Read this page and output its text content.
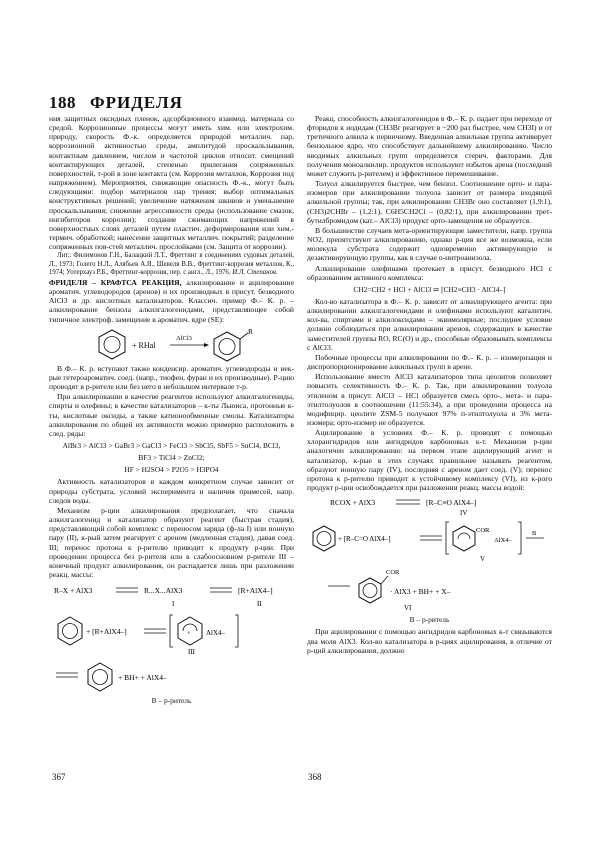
188 ФРИДЕЛЯ

ния защитных оксидных пленок, адсорбционного взаимод. материала со средой. Коррозионные процессы могут иметь хим. или электрохим. природу, скорость Ф.-к. определяется природой металлич. пар, коррозионной активностью среды, амплитудой проскальзывания, контактным давлением, числом и частотой циклов относит. смещений контактирующих деталей, степенью прилегания сопряженных поверхностей, т-рой в зоне контакта (см. Коррозия металлов, Коррозия под напряжением). Мероприятия, снижающие опасность Ф.-к., могут быть следующими: подбор материалов пар трения; выбор оптимальных конструктивных решений; увеличение натяжения шкивов и уменьшение проскальзывания; снижение агрессивности среды (использование смазок, ингибиторов коррозии); создание сжимающих напряжений в поверхностных слоях деталей путем пластич. деформирования или хим.-термич. обработкой; нанесение защитных металлич. покрытий; разделение сопряженных пов-стей металлич. прослойками (см. Защита от коррозии).

Лит.: Филимонов Г.Н., Балацкий Л.Т., Фреттинг в соединениях судовых деталей, Л., 1973; Голего Н.Л., Алябьев А.Я., Шевеля В.В., Фреттинг-коррозия металлов, К., 1974; Уотерхауз Р.Б., Фреттинг-коррозия, пер. с англ., Л., 1976. И.Л. Степанов.

ФРИДЕЛЯ – КРАФТСА РЕАКЦИЯ, алкилирование и ацилирование ароматич. углеводородов (аренов) и их производных в присут. безводного AlCl3 и др. кислотных катализаторов. Классич. пример Ф.– К. р. – алкилирование бензола алкилгалогенидами, представляющее собой типичное электроф. замещение в ароматич. ядре (SE):

+ RHal
AlCl3
R

В Ф.– К. р. вступают также конденсир. ароматич. углеводороды и нек-рые гетероароматич. соед. (напр., тиофен, фуран и их производные). Р-цию проводят в р-рителе или без него в небольшом интервале т-р.

При алкилировании в качестве реагентов используют алкилгалогениды, спирты и олефины; в качестве катализаторов – к-ты Льюиса, протонные к-ты, кислотные оксиды, а также катионообменные смолы. Катализаторы алкилирования по общей их активности можно примерно расположить в след. ряды:

AlBr3 > AlCl3 > GaBr3 > GaCl3 > FeCl3 > SbCl5, SbF5 > SnCl4, BCl3,
BF3 > TiCl4 > ZnCl2;
HF > H2SO4 > P2O5 > H3PO4

Активность катализаторов в каждом конкретном случае зависит от природы субстрата, условий эксперимента и наличия примесей, напр. следов воды.

Механизм р-ции алкилирования предполагает, что сначала алкилгалогенид и катализатор образуют реагент (быстрая стадия), представляющий собой комплекс с переносом заряда (ф-ла I) или ионную пару (II), к-рый затем реагирует с ареном (медленная стадия), давая соед. III; перенос протона к р-рителю приводит к продукту р-ции. При проведении процесса без р-рителя или в слабоосновном р-рителе III – конечный продукт алкилирования, он распадается лишь при разложении реакц. массы:

R–X + AlX3	R...X...AlX3	[R+AlX4–]
I	II
+ [R+AlX4–]	+ AlX4–
III
+ BH+ + AlX4–
В – р-ритель

Реакц. способность алкилгалогенидов в Ф.– К. р. падает при переходе от фторидов к иодидам (CH3Br реагирует в ~200 раз быстрее, чем CH3I) и от третичного алкила к первичному. Введенная алкильная группа активирует бензольное ядро, что способствует дальнейшему алкилированию. Число вводимых алкильных групп определяется стерич. факторами. Для получения моноалкилир. продуктов используют избыток арена (последний может служить р-рителем) и эффективное перемешивание.

Толуол алкилируется быстрее, чем бензол. Соотношение орто- и пара-изомеров при алкилировании толуола зависит от размера входящей алкильной группы; так, при алкилировании CH3Br оно составляет (1,9:1), (CH3)2CHBr – (1,2:1), C6H5CH2Cl – (0,82:1), при алкилировании трет-бутилбромидом (кат.– AlCl3) продукт орто-замещения не образуется.

В большинстве случаев мета-ориентирующие заместители, напр. группа NO2, препятствуют алкилированию, однако р-ция все же возможна, если молекула субстрата содержит одновременно активирующую и дезактивирующую группы, как в случае о-нитроанизола.

Алкилирование олефинами протекает в присут. безводного HCl с образованием активного комплекса:

CH2=CH2 + HCl + AlCl3 ⇌ [CH2≡CH3 · AlCl4–]

Кол-во катализатора в Ф.– К. р. зависит от алкилирующего агента: при алкилировании алкилгалогенидами и олефинами используют каталитич. кол-ва, спиртами и алкилоксидами – эквимолярные; последнее условие должно соблюдаться при алкилировании аренов, содержащих в качестве заместителей группы RO, RC(O) и др., способные образовывать комплексы с AlCl3.

Побочные процессы при алкилировании по Ф.– К. р. – изомеризация и диспропорционирование алкильных групп в арене.

Использование вместо AlCl3 катализаторов типа цеолитов позволяет повысить селективность Ф.– К. р. Так, при алкилировании толуола этиленом в присут. AlCl3 – HCl образуется смесь орто-, мета- и пара-этилтолуолов в соотношении (11:55:34), а при проведении процесса на модифицир. цеолите ZSM-5 получают 97% п-этилтолуола и 3% мета-изомера; орто-изомер не образуется.

Ацилирование в условиях Ф.– К. р. проводят с помощью хлорангидридов или ангидридов карбоновых к-т. Механизм р-ции аналогичен алкилированию: на первом этапе ацилирующий агент и катализатор, к-рые в этих случаях правильнее называть реагентом, образуют ионную пару (IV), последняя с ареном дает соед. (V); перенос протона к р-рителю приводит к устойчивому комплексу (VI), из к-рого продукт р-ции освобождается при разложении реакц. массы водой:

RCOX + AlX3	[R–C≡O AlX4–]
IV
+ [R–C=O AlX4–]
COR
AlX4–
B
V
COR
· AlX3 + BH+ + X–
VI
В – р-ритель

При ацилировании с помощью ангидридов карбоновых к-т связываются два моля AlX3. Кол-во катализатора в р-циях ацилирования, в отличие от р-ций алкилирования, должно

367	368
